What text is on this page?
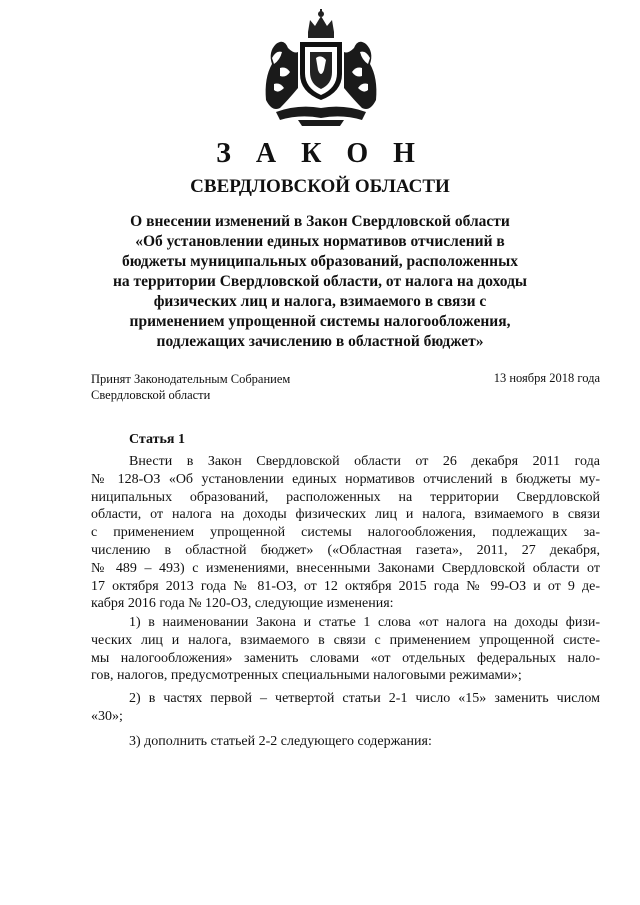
З А К О Н
СВЕРДЛОВСКОЙ ОБЛАСТИ
О внесении изменений в Закон Свердловской области
«Об установлении единых нормативов отчислений в
бюджеты муниципальных образований, расположенных
на территории Свердловской области, от налога на доходы
физических лиц и налога, взимаемого в связи с
применением упрощенной системы налогообложения,
подлежащих зачислению в областной бюджет»
Принят Законодательным Собранием
Свердловской области
13 ноября 2018 года
Статья 1
Внести в Закон Свердловской области от 26 декабря 2011 года
№ 128-ОЗ «Об установлении единых нормативов отчислений в бюджеты му-
ниципальных образований, расположенных на территории Свердловской
области, от налога на доходы физических лиц и налога, взимаемого в связи
с применением упрощенной системы налогообложения, подлежащих за-
числению в областной бюджет» («Областная газета», 2011, 27 декабря,
№ 489 – 493) с изменениями, внесенными Законами Свердловской области от
17 октября 2013 года № 81-ОЗ, от 12 октября 2015 года № 99-ОЗ и от 9 де-
кабря 2016 года № 120-ОЗ, следующие изменения:
1) в наименовании Закона и статье 1 слова «от налога на доходы физи-
ческих лиц и налога, взимаемого в связи с применением упрощенной систе-
мы налогообложения» заменить словами «от отдельных федеральных нало-
гов, налогов, предусмотренных специальными налоговыми режимами»;
2) в частях первой – четвертой статьи 2-1 число «15» заменить числом
«30»;
3) дополнить статьей 2-2 следующего содержания:
